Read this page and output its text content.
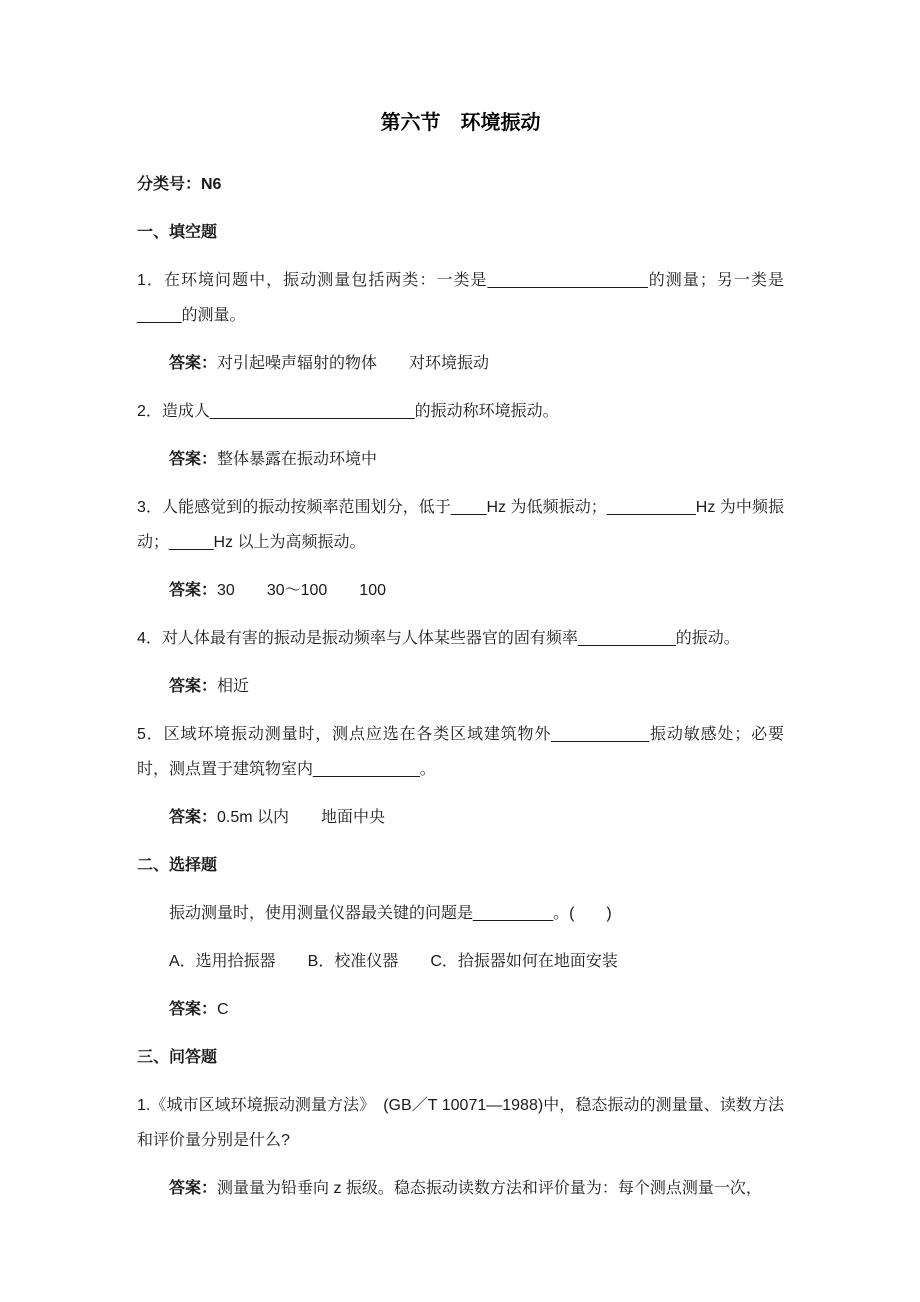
第六节　环境振动

分类号：N6

一、填空题

1．在环境问题中，振动测量包括两类：一类是__________________的测量；另一类是_____的测量。

答案：对引起噪声辐射的物体　　对环境振动

2．造成人_______________________的振动称环境振动。

答案：整体暴露在振动环境中

3．人能感觉到的振动按频率范围划分，低于____Hz 为低频振动；__________Hz 为中频振动；_____Hz 以上为高频振动。

答案：30　　30～100　　100

4．对人体最有害的振动是振动频率与人体某些器官的固有频率___________的振动。

答案：相近

5．区域环境振动测量时，测点应选在各类区域建筑物外___________振动敏感处；必要时，测点置于建筑物室内____________。

答案：0.5m 以内　　地面中央

二、选择题

振动测量时，使用测量仪器最关键的问题是_________。(　　)

A．选用拾振器　　B．校准仪器　　C．拾振器如何在地面安装

答案：C

三、问答题

1.《城市区域环境振动测量方法》　(GB／T 10071—1988)中，稳态振动的测量量、读数方法和评价量分别是什么?

答案：测量量为铅垂向 z 振级。稳态振动读数方法和评价量为：每个测点测量一次，
